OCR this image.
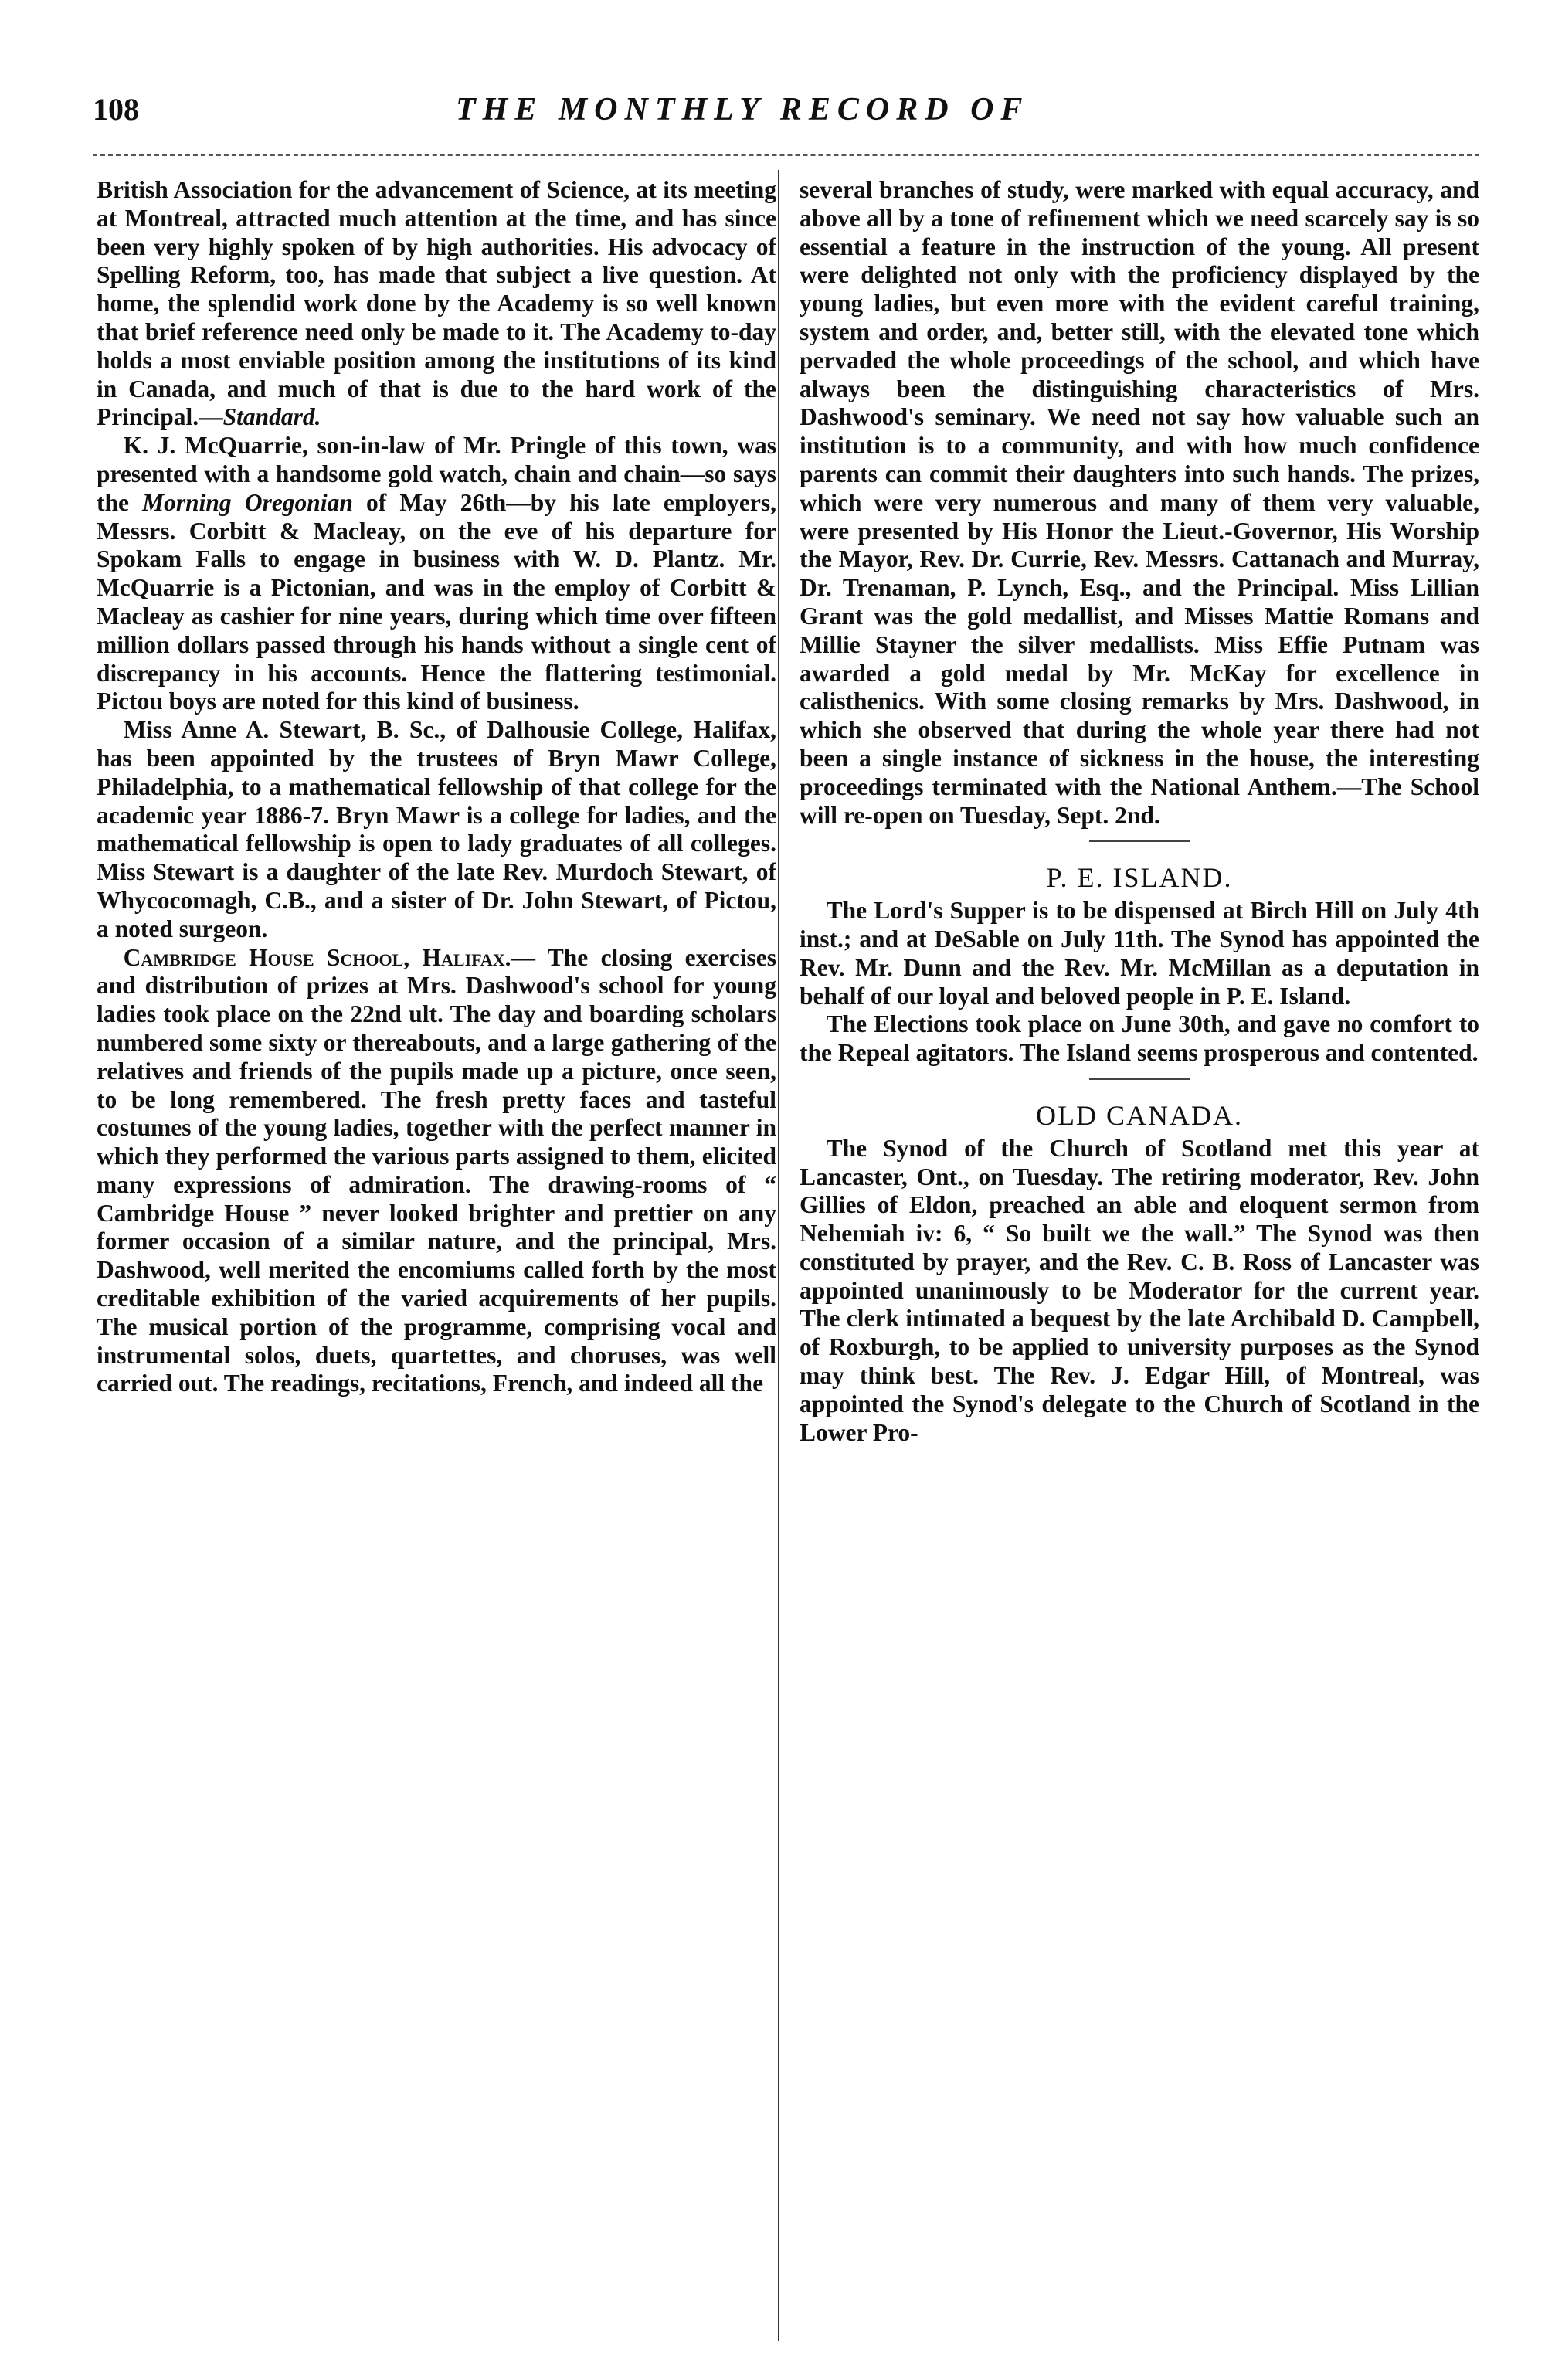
108	THE MONTHLY RECORD OF

British Association for the advancement of Science, at its meeting at Montreal, attracted much attention at the time, and has since been very highly spoken of by high authorities. His advocacy of Spelling Reform, too, has made that subject a live question. At home, the splendid work done by the Academy is so well known that brief reference need only be made to it. The Academy to-day holds a most enviable position among the institutions of its kind in Canada, and much of that is due to the hard work of the Principal.—Standard.

K. J. McQuarrie, son-in-law of Mr. Pringle of this town, was presented with a handsome gold watch, chain and chain—so says the Morning Oregonian of May 26th—by his late employers, Messrs. Corbitt & Macleay, on the eve of his departure for Spokam Falls to engage in business with W. D. Plantz. Mr. McQuarrie is a Pictonian, and was in the employ of Corbitt & Macleay as cashier for nine years, during which time over fifteen million dollars passed through his hands without a single cent of discrepancy in his accounts. Hence the flattering testimonial. Pictou boys are noted for this kind of business.

Miss Anne A. Stewart, B. Sc., of Dalhousie College, Halifax, has been appointed by the trustees of Bryn Mawr College, Philadelphia, to a mathematical fellowship of that college for the academic year 1886-7. Bryn Mawr is a college for ladies, and the mathematical fellowship is open to lady graduates of all colleges. Miss Stewart is a daughter of the late Rev. Murdoch Stewart, of Whycocomagh, C.B., and a sister of Dr. John Stewart, of Pictou, a noted surgeon.

Cambridge House School, Halifax.— The closing exercises and distribution of prizes at Mrs. Dashwood's school for young ladies took place on the 22nd ult. The day and boarding scholars numbered some sixty or thereabouts, and a large gathering of the relatives and friends of the pupils made up a picture, once seen, to be long remembered. The fresh pretty faces and tasteful costumes of the young ladies, together with the perfect manner in which they performed the various parts assigned to them, elicited many expressions of admiration. The drawing-rooms of “ Cambridge House ” never looked brighter and prettier on any former occasion of a similar nature, and the principal, Mrs. Dashwood, well merited the encomiums called forth by the most creditable exhibition of the varied acquirements of her pupils. The musical portion of the programme, comprising vocal and instrumental solos, duets, quartettes, and choruses, was well carried out. The readings, recitations, French, and indeed all the

several branches of study, were marked with equal accuracy, and above all by a tone of refinement which we need scarcely say is so essential a feature in the instruction of the young. All present were delighted not only with the proficiency displayed by the young ladies, but even more with the evident careful training, system and order, and, better still, with the elevated tone which pervaded the whole proceedings of the school, and which have always been the distinguishing characteristics of Mrs. Dashwood's seminary. We need not say how valuable such an institution is to a community, and with how much confidence parents can commit their daughters into such hands. The prizes, which were very numerous and many of them very valuable, were presented by His Honor the Lieut.-Governor, His Worship the Mayor, Rev. Dr. Currie, Rev. Messrs. Cattanach and Murray, Dr. Trenaman, P. Lynch, Esq., and the Principal. Miss Lillian Grant was the gold medallist, and Misses Mattie Romans and Millie Stayner the silver medallists. Miss Effie Putnam was awarded a gold medal by Mr. McKay for excellence in calisthenics. With some closing remarks by Mrs. Dashwood, in which she observed that during the whole year there had not been a single instance of sickness in the house, the interesting proceedings terminated with the National Anthem.—The School will re-open on Tuesday, Sept. 2nd.

P. E. ISLAND.

The Lord's Supper is to be dispensed at Birch Hill on July 4th inst.; and at DeSable on July 11th. The Synod has appointed the Rev. Mr. Dunn and the Rev. Mr. McMillan as a deputation in behalf of our loyal and beloved people in P. E. Island.

The Elections took place on June 30th, and gave no comfort to the Repeal agitators. The Island seems prosperous and contented.

OLD CANADA.

The Synod of the Church of Scotland met this year at Lancaster, Ont., on Tuesday. The retiring moderator, Rev. John Gillies of Eldon, preached an able and eloquent sermon from Nehemiah iv: 6, “ So built we the wall.” The Synod was then constituted by prayer, and the Rev. C. B. Ross of Lancaster was appointed unanimously to be Moderator for the current year. The clerk intimated a bequest by the late Archibald D. Campbell, of Roxburgh, to be applied to university purposes as the Synod may think best. The Rev. J. Edgar Hill, of Montreal, was appointed the Synod's delegate to the Church of Scotland in the Lower Pro-
